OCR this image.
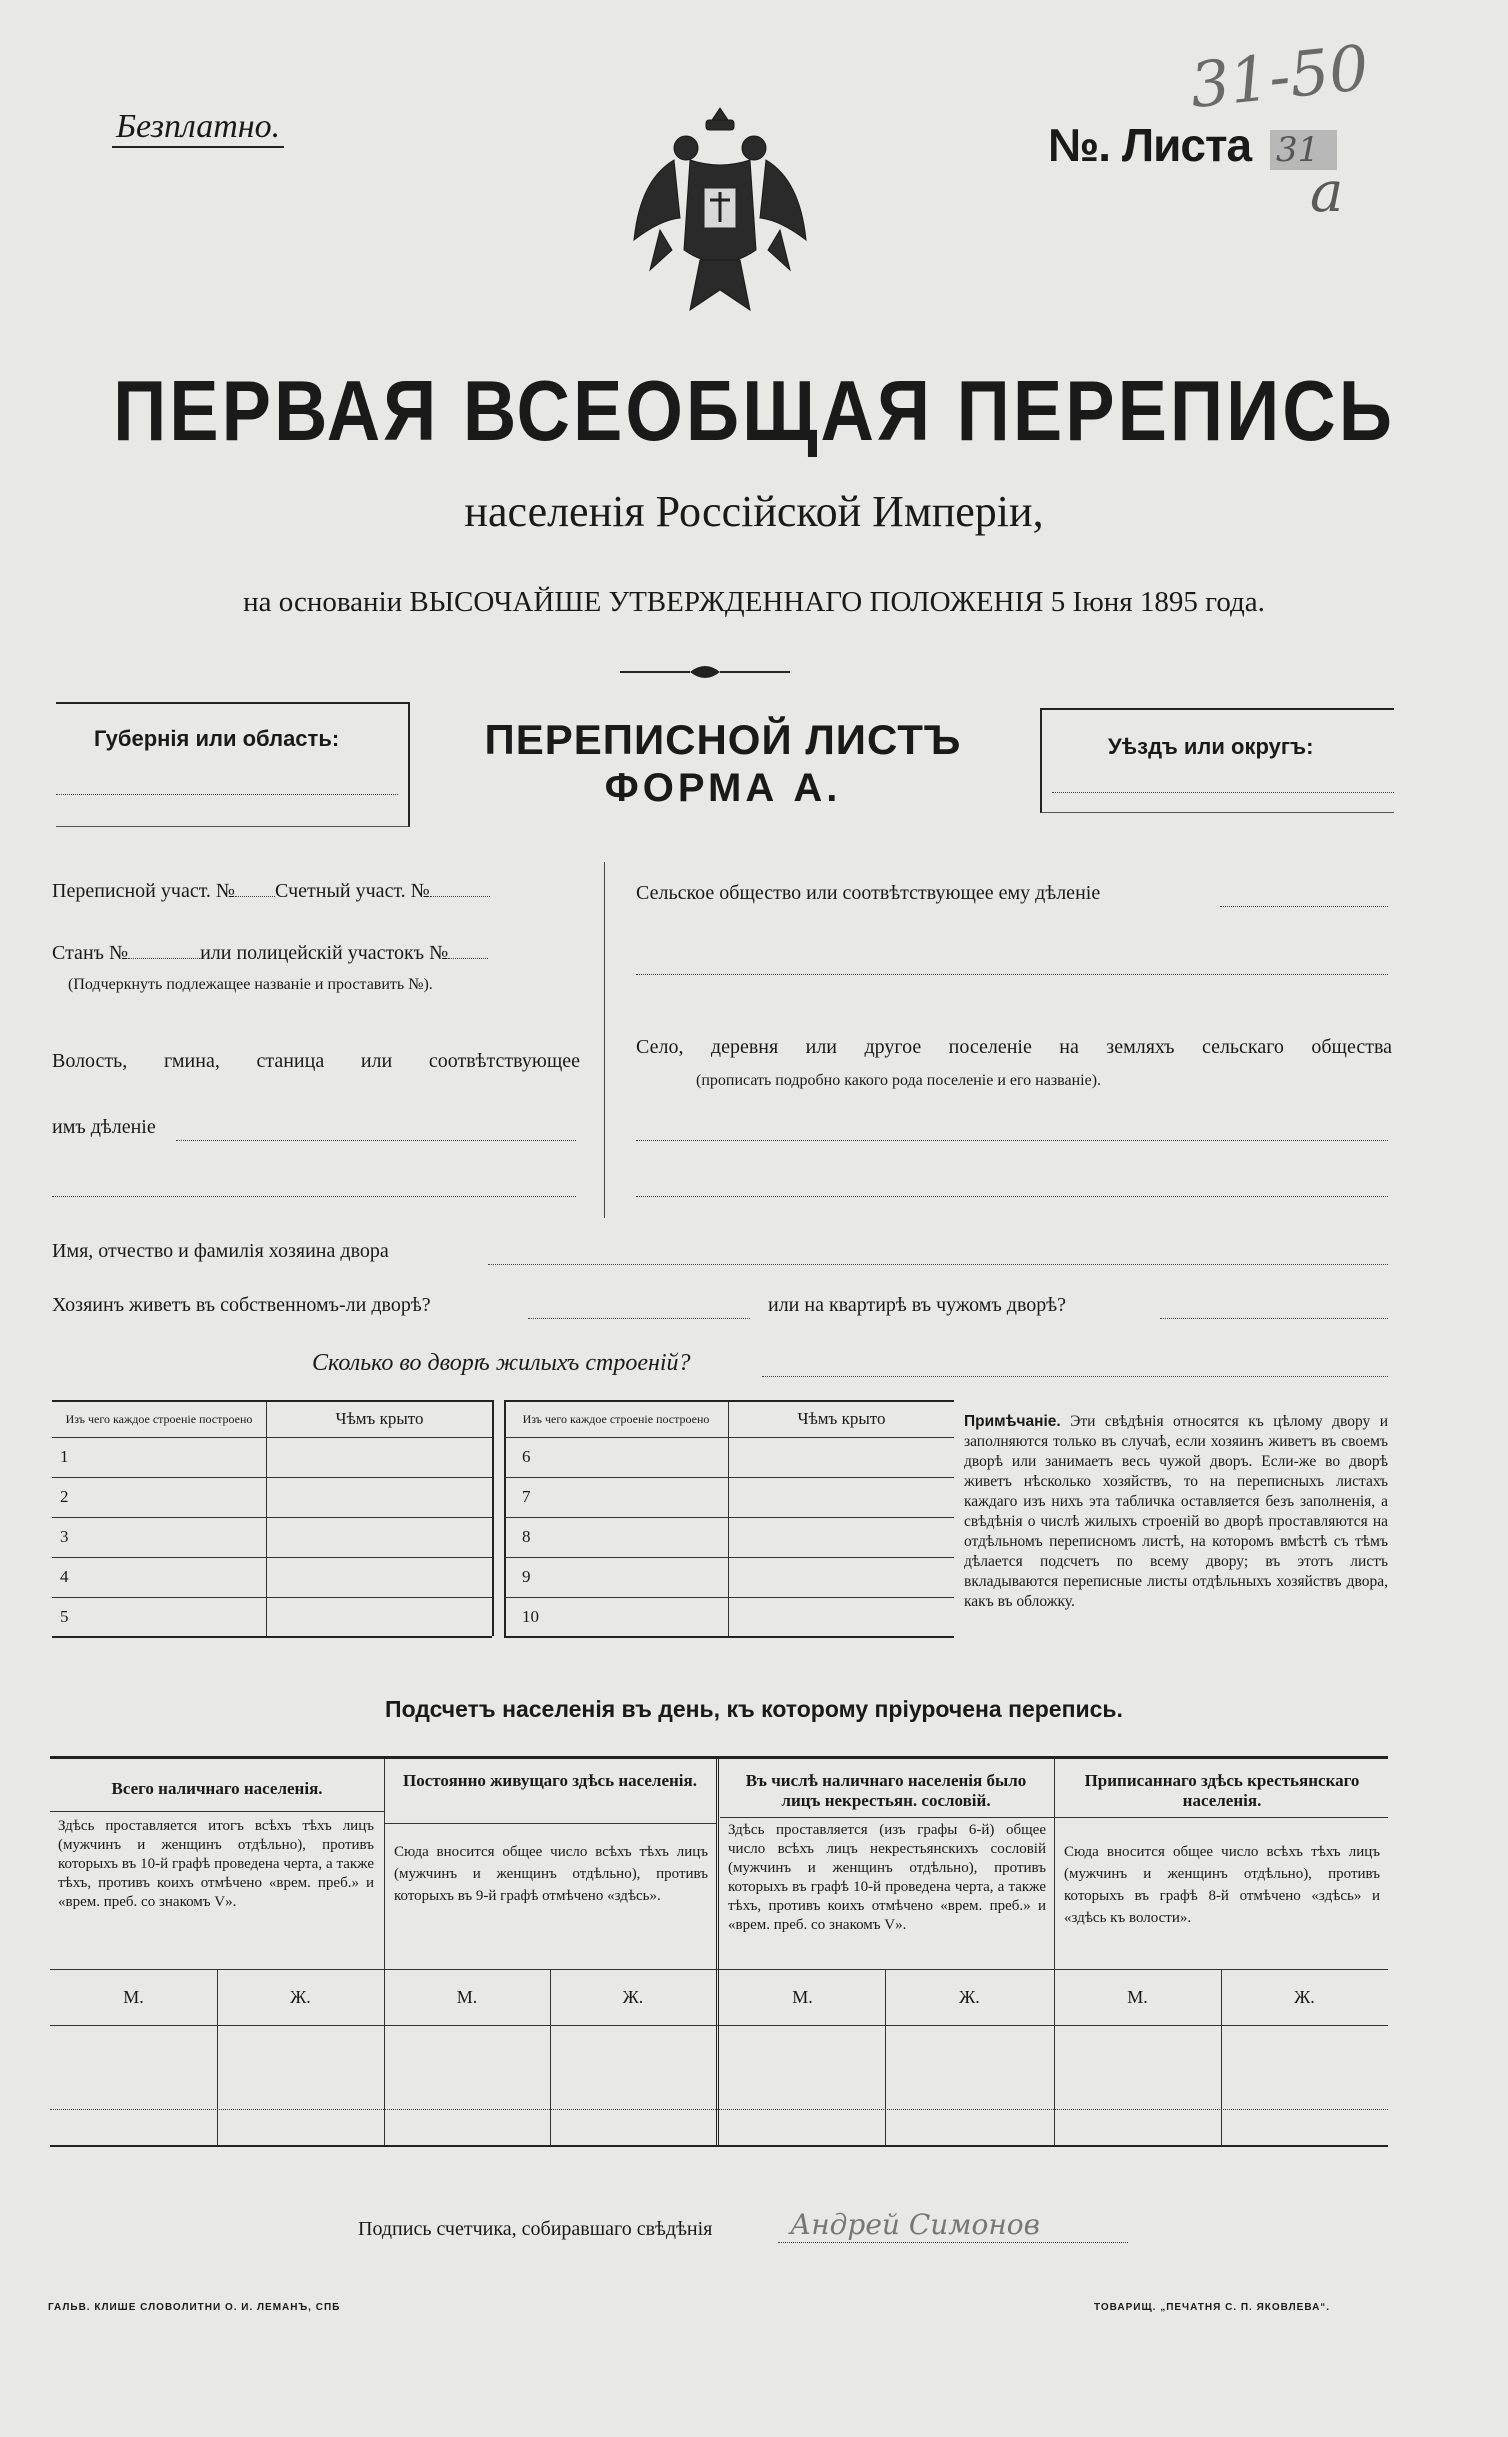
Безплатно.	№. Листа 31
31-50
a

ПЕРВАЯ ВСЕОБЩАЯ ПЕРЕПИСЬ
населенія Россійской Имперіи,
на основаніи ВЫСОЧАЙШЕ УТВЕРЖДЕННАГО ПОЛОЖЕНІЯ 5 Іюня 1895 года.
Губернія или область:	ПЕРЕПИСНОЙ ЛИСТЪ
ФОРМА А.
Уѣздъ или округъ:
Переписной участ. № Счетный участ. №
Станъ №	или полицейскій участокъ №
(Подчеркнуть подлежащее названіе и проставить №).
Волость, гмина, станица или соотвѣтствующее
имъ дѣленіе
Сельское общество или соотвѣтствующее ему дѣленіе
Село, деревня или другое поселеніе на земляхъ сельскаго общества
(прописать подробно какого рода поселеніе и его названіе).
Имя, отчество и фамилія хозяина двора
Хозяинъ живетъ въ собственномъ-ли дворѣ?	или на квартирѣ въ чужомъ дворѣ?
Сколько во дворѣ жилыхъ строеній?
Изъ чего каждое строеніе построено	Чѣмъ крыто
1	
2	
3	
4	
5	
Изъ чего каждое строеніе построено	Чѣмъ крыто
6	
7	
8	
9	
10	
Примѣчаніе. Эти свѣдѣнія относятся къ цѣлому двору и заполняются только въ случаѣ, если хозяинъ живетъ въ своемъ дворѣ или занимаетъ весь чужой дворъ. Если-же во дворѣ живетъ нѣсколько хозяйствъ, то на переписныхъ листахъ каждаго изъ нихъ эта табличка оставляется безъ заполненія, а свѣдѣнія о числѣ жилыхъ строеній во дворѣ проставляются на отдѣльномъ переписномъ листѣ, на которомъ вмѣстѣ съ тѣмъ дѣлается подсчетъ по всему двору; въ этотъ листъ вкладываются переписные листы отдѣльныхъ хозяйствъ двора, какъ въ обложку.
Подсчетъ населенія въ день, къ которому пріурочена перепись.
Всего наличнаго населенія.
Здѣсь проставляется итогъ всѣхъ тѣхъ лицъ (мужчинъ и женщинъ отдѣльно), противъ которыхъ въ 10-й графѣ проведена черта, а также тѣхъ, противъ коихъ отмѣчено «врем. преб.» и «врем. преб. со знакомъ V».
Постоянно живущаго здѣсь населенія.
Сюда вносится общее число всѣхъ тѣхъ лицъ (мужчинъ и женщинъ отдѣльно), противъ которыхъ въ 9-й графѣ отмѣчено «здѣсь».
Въ числѣ наличнаго населенія было лицъ некрестьян. сословій.
Здѣсь проставляется (изъ графы 6-й) общее число всѣхъ лицъ некрестьянскихъ сословій (мужчинъ и женщинъ отдѣльно), противъ которыхъ въ графѣ 10-й проведена черта, а также тѣхъ, противъ коихъ отмѣчено «врем. преб.» и «врем. преб. со знакомъ V».
Приписаннаго здѣсь крестьянскаго населенія.
Сюда вносится общее число всѣхъ тѣхъ лицъ (мужчинъ и женщинъ отдѣльно), противъ которыхъ въ графѣ 8-й отмѣчено «здѣсь» и «здѣсь къ волости».
М.	Ж.	М.	Ж.	М.	Ж.	М.	Ж.
Подпись счетчика, собиравшаго свѣдѣнія	Андрей Симонов
ГАЛЬВ. КЛИШЕ СЛОВОЛИТНИ О. И. ЛЕМАНЪ, СПБ	ТОВАРИЩ. „ПЕЧАТНЯ С. П. ЯКОВЛЕВА“.
